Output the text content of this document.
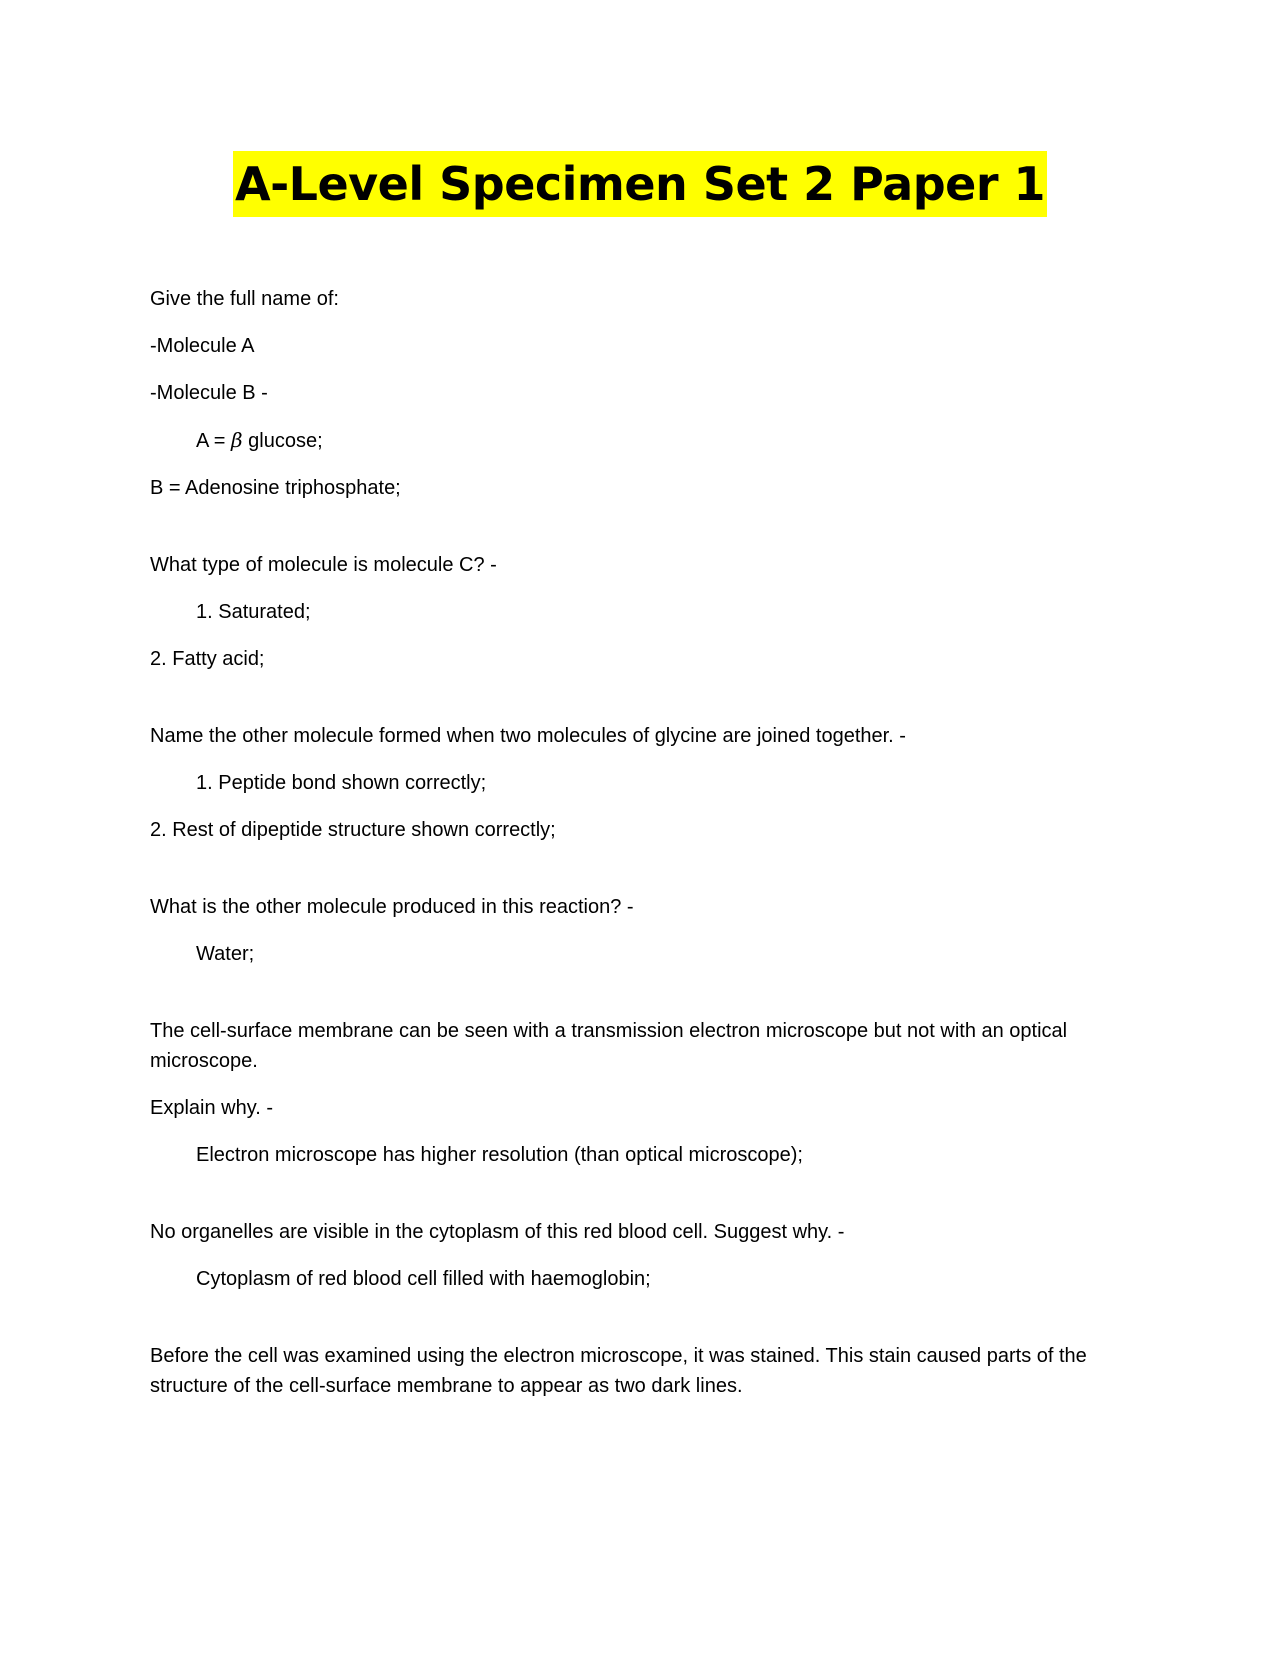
A-Level Specimen Set 2 Paper 1
Give the full name of:
-Molecule A
-Molecule B -
A = β glucose;
B = Adenosine triphosphate;
What type of molecule is molecule C? -
1. Saturated;
2. Fatty acid;
Name the other molecule formed when two molecules of glycine are joined together. -
1. Peptide bond shown correctly;
2. Rest of dipeptide structure shown correctly;
What is the other molecule produced in this reaction? -
Water;
The cell-surface membrane can be seen with a transmission electron microscope but not with an optical microscope.
Explain why. -
Electron microscope has higher resolution (than optical microscope);
No organelles are visible in the cytoplasm of this red blood cell. Suggest why. -
Cytoplasm of red blood cell filled with haemoglobin;
Before the cell was examined using the electron microscope, it was stained. This stain caused parts of the structure of the cell-surface membrane to appear as two dark lines.
